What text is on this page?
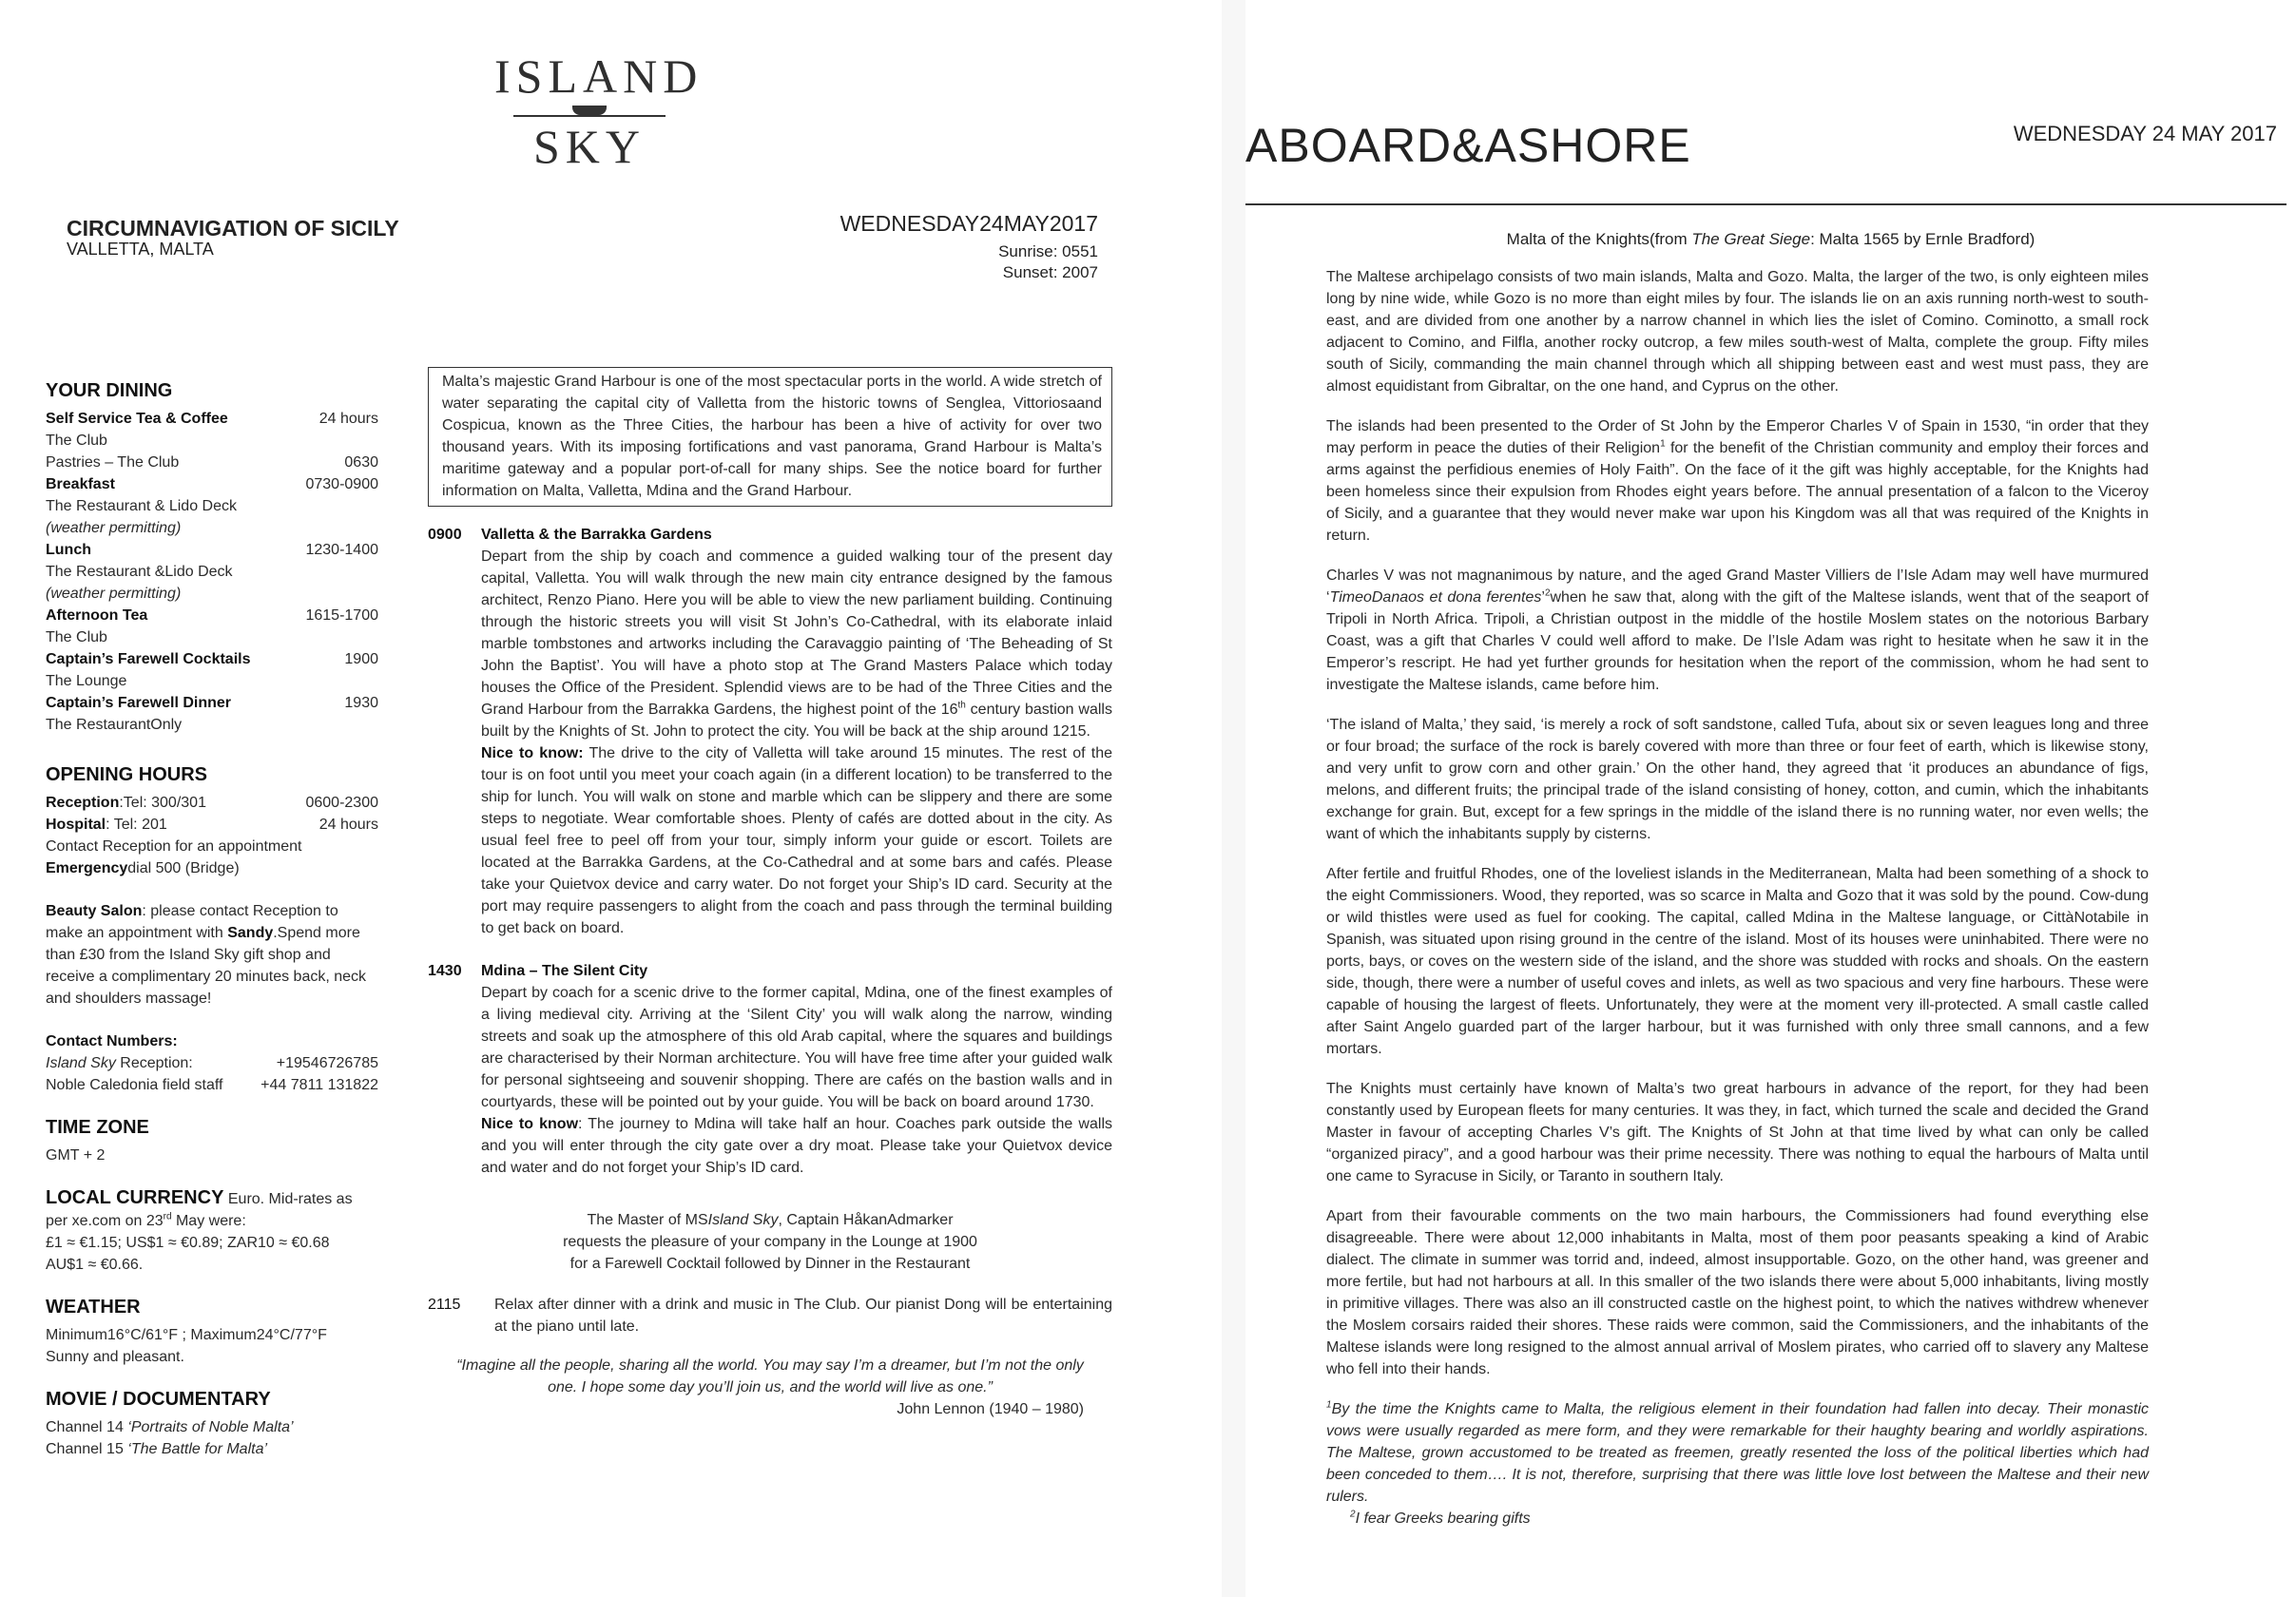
ISLAND
SKY
CIRCUMNAVIGATION OF SICILY
VALLETTA, MALTA
WEDNESDAY24MAY2017
Sunrise: 0551
Sunset: 2007
YOUR DINING
Self Service Tea & Coffee	24 hours
The Club
Pastries – The Club	0630
Breakfast	0730-0900
The Restaurant & Lido Deck
(weather permitting)
Lunch	1230-1400
The Restaurant &Lido Deck
(weather permitting)
Afternoon Tea	1615-1700
The Club
Captain’s Farewell Cocktails	1900
The Lounge
Captain’s Farewell Dinner	1930
The RestaurantOnly
OPENING HOURS
Reception:Tel: 300/301	0600-2300
Hospital: Tel: 201	24 hours
Contact Reception for an appointment
Emergencydial 500 (Bridge)
Beauty Salon: please contact Reception to make an appointment with Sandy.Spend more than £30 from the Island Sky gift shop and receive a complimentary 20 minutes back, neck and shoulders massage!
Contact Numbers:
Island Sky Reception:	+19546726785
Noble Caledonia field staff +44 7811 131822
TIME ZONE
GMT + 2
LOCAL CURRENCY Euro. Mid-rates as per xe.com on 23rd May were:
£1 ≈ €1.15; US$1 ≈ €0.89; ZAR10 ≈ €0.68
AU$1 ≈ €0.66.
WEATHER
Minimum16°C/61°F ; Maximum24°C/77°F
Sunny and pleasant.
MOVIE / DOCUMENTARY
Channel 14 ‘Portraits of Noble Malta’
Channel 15 ‘The Battle for Malta’
Malta’s majestic Grand Harbour is one of the most spectacular ports in the world. A wide stretch of water separating the capital city of Valletta from the historic towns of Senglea, Vittoriosaand Cospicua, known as the Three Cities, the harbour has been a hive of activity for over two thousand years. With its imposing fortifications and vast panorama, Grand Harbour is Malta’s maritime gateway and a popular port-of-call for many ships. See the notice board for further information on Malta, Valletta, Mdina and the Grand Harbour.
0900	Valletta & the Barrakka Gardens

Depart from the ship by coach and commence a guided walking tour of the present day capital, Valletta. You will walk through the new main city entrance designed by the famous architect, Renzo Piano. Here you will be able to view the new parliament building. Continuing through the historic streets you will visit St John’s Co-Cathedral, with its elaborate inlaid marble tombstones and artworks including the Caravaggio painting of ‘The Beheading of St John the Baptist’. You will have a photo stop at The Grand Masters Palace which today houses the Office of the President. Splendid views are to be had of the Three Cities and the Grand Harbour from the Barrakka Gardens, the highest point of the 16th century bastion walls built by the Knights of St. John to protect the city. You will be back at the ship around 1215.

Nice to know: The drive to the city of Valletta will take around 15 minutes. The rest of the tour is on foot until you meet your coach again (in a different location) to be transferred to the ship for lunch. You will walk on stone and marble which can be slippery and there are some steps to negotiate. Wear comfortable shoes. Plenty of cafés are dotted about in the city. As usual feel free to peel off from your tour, simply inform your guide or escort. Toilets are located at the Barrakka Gardens, at the Co-Cathedral and at some bars and cafés. Please take your Quietvox device and carry water. Do not forget your Ship’s ID card. Security at the port may require passengers to alight from the coach and pass through the terminal building to get back on board.

1430	Mdina – The Silent City

Depart by coach for a scenic drive to the former capital, Mdina, one of the finest examples of a living medieval city. Arriving at the ‘Silent City’ you will walk along the narrow, winding streets and soak up the atmosphere of this old Arab capital, where the squares and buildings are characterised by their Norman architecture. You will have free time after your guided walk for personal sightseeing and souvenir shopping. There are cafés on the bastion walls and in courtyards, these will be pointed out by your guide. You will be back on board around 1730.

Nice to know: The journey to Mdina will take half an hour. Coaches park outside the walls and you will enter through the city gate over a dry moat. Please take your Quietvox device and water and do not forget your Ship’s ID card.

The Master of MSIsland Sky, Captain HåkanAdmarker
requests the pleasure of your company in the Lounge at 1900
for a Farewell Cocktail followed by Dinner in the Restaurant
2115	Relax after dinner with a drink and music in The Club. Our pianist Dong will be entertaining at the piano until late.
“Imagine all the people, sharing all the world. You may say I’m a dreamer, but I’m not the only one. I hope some day you’ll join us, and the world will live as one.”
John Lennon (1940 – 1980)
ABOARD&ASHORE	WEDNESDAY 24 MAY 2017
Malta of the Knights(from The Great Siege: Malta 1565 by Ernle Bradford)

The Maltese archipelago consists of two main islands, Malta and Gozo. Malta, the larger of the two, is only eighteen miles long by nine wide, while Gozo is no more than eight miles by four. The islands lie on an axis running north-west to south-east, and are divided from one another by a narrow channel in which lies the islet of Comino. Cominotto, a small rock adjacent to Comino, and Filfla, another rocky outcrop, a few miles south-west of Malta, complete the group. Fifty miles south of Sicily, commanding the main channel through which all shipping between east and west must pass, they are almost equidistant from Gibraltar, on the one hand, and Cyprus on the other.

The islands had been presented to the Order of St John by the Emperor Charles V of Spain in 1530, “in order that they may perform in peace the duties of their Religion$^1$ for the benefit of the Christian community and employ their forces and arms against the perfidious enemies of Holy Faith”. On the face of it the gift was highly acceptable, for the Knights had been homeless since their expulsion from Rhodes eight years before. The annual presentation of a falcon to the Viceroy of Sicily, and a guarantee that they would never make war upon his Kingdom was all that was required of the Knights in return.

Charles V was not magnanimous by nature, and the aged Grand Master Villiers de l’Isle Adam may well have murmured ‘TimeoDanaos et dona ferentes’$^2$when he saw that, along with the gift of the Maltese islands, went that of the seaport of Tripoli in North Africa. Tripoli, a Christian outpost in the middle of the hostile Moslem states on the notorious Barbary Coast, was a gift that Charles V could well afford to make. De l’Isle Adam was right to hesitate when he saw it in the Emperor’s rescript. He had yet further grounds for hesitation when the report of the commission, whom he had sent to investigate the Maltese islands, came before him.

‘The island of Malta,’ they said, ‘is merely a rock of soft sandstone, called Tufa, about six or seven leagues long and three or four broad; the surface of the rock is barely covered with more than three or four feet of earth, which is likewise stony, and very unfit to grow corn and other grain.’ On the other hand, they agreed that ‘it produces an abundance of figs, melons, and different fruits; the principal trade of the island consisting of honey, cotton, and cumin, which the inhabitants exchange for grain. But, except for a few springs in the middle of the island there is no running water, nor even wells; the want of which the inhabitants supply by cisterns.

After fertile and fruitful Rhodes, one of the loveliest islands in the Mediterranean, Malta had been something of a shock to the eight Commissioners. Wood, they reported, was so scarce in Malta and Gozo that it was sold by the pound. Cow-dung or wild thistles were used as fuel for cooking. The capital, called Mdina in the Maltese language, or CittàNotabile in Spanish, was situated upon rising ground in the centre of the island. Most of its houses were uninhabited. There were no ports, bays, or coves on the western side of the island, and the shore was studded with rocks and shoals. On the eastern side, though, there were a number of useful coves and inlets, as well as two spacious and very fine harbours. These were capable of housing the largest of fleets. Unfortunately, they were at the moment very ill-protected. A small castle called after Saint Angelo guarded part of the larger harbour, but it was furnished with only three small cannons, and a few mortars.

The Knights must certainly have known of Malta’s two great harbours in advance of the report, for they had been constantly used by European fleets for many centuries. It was they, in fact, which turned the scale and decided the Grand Master in favour of accepting Charles V’s gift. The Knights of St John at that time lived by what can only be called “organized piracy”, and a good harbour was their prime necessity. There was nothing to equal the harbours of Malta until one came to Syracuse in Sicily, or Taranto in southern Italy.

Apart from their favourable comments on the two main harbours, the Commissioners had found everything else disagreeable. There were about 12,000 inhabitants in Malta, most of them poor peasants speaking a kind of Arabic dialect. The climate in summer was torrid and, indeed, almost insupportable. Gozo, on the other hand, was greener and more fertile, but had not harbours at all. In this smaller of the two islands there were about 5,000 inhabitants, living mostly in primitive villages. There was also an ill constructed castle on the highest point, to which the natives withdrew whenever the Moslem corsairs raided their shores. These raids were common, said the Commissioners, and the inhabitants of the Maltese islands were long resigned to the almost annual arrival of Moslem pirates, who carried off to slavery any Maltese who fell into their hands.

$^1$By the time the Knights came to Malta, the religious element in their foundation had fallen into decay. Their monastic vows were usually regarded as mere form, and they were remarkable for their haughty bearing and worldly aspirations. The Maltese, grown accustomed to be treated as freemen, greatly resented the loss of the political liberties which had been conceded to them…. It is not, therefore, surprising that there was little love lost between the Maltese and their new rulers.

$^2$I fear Greeks bearing gifts
